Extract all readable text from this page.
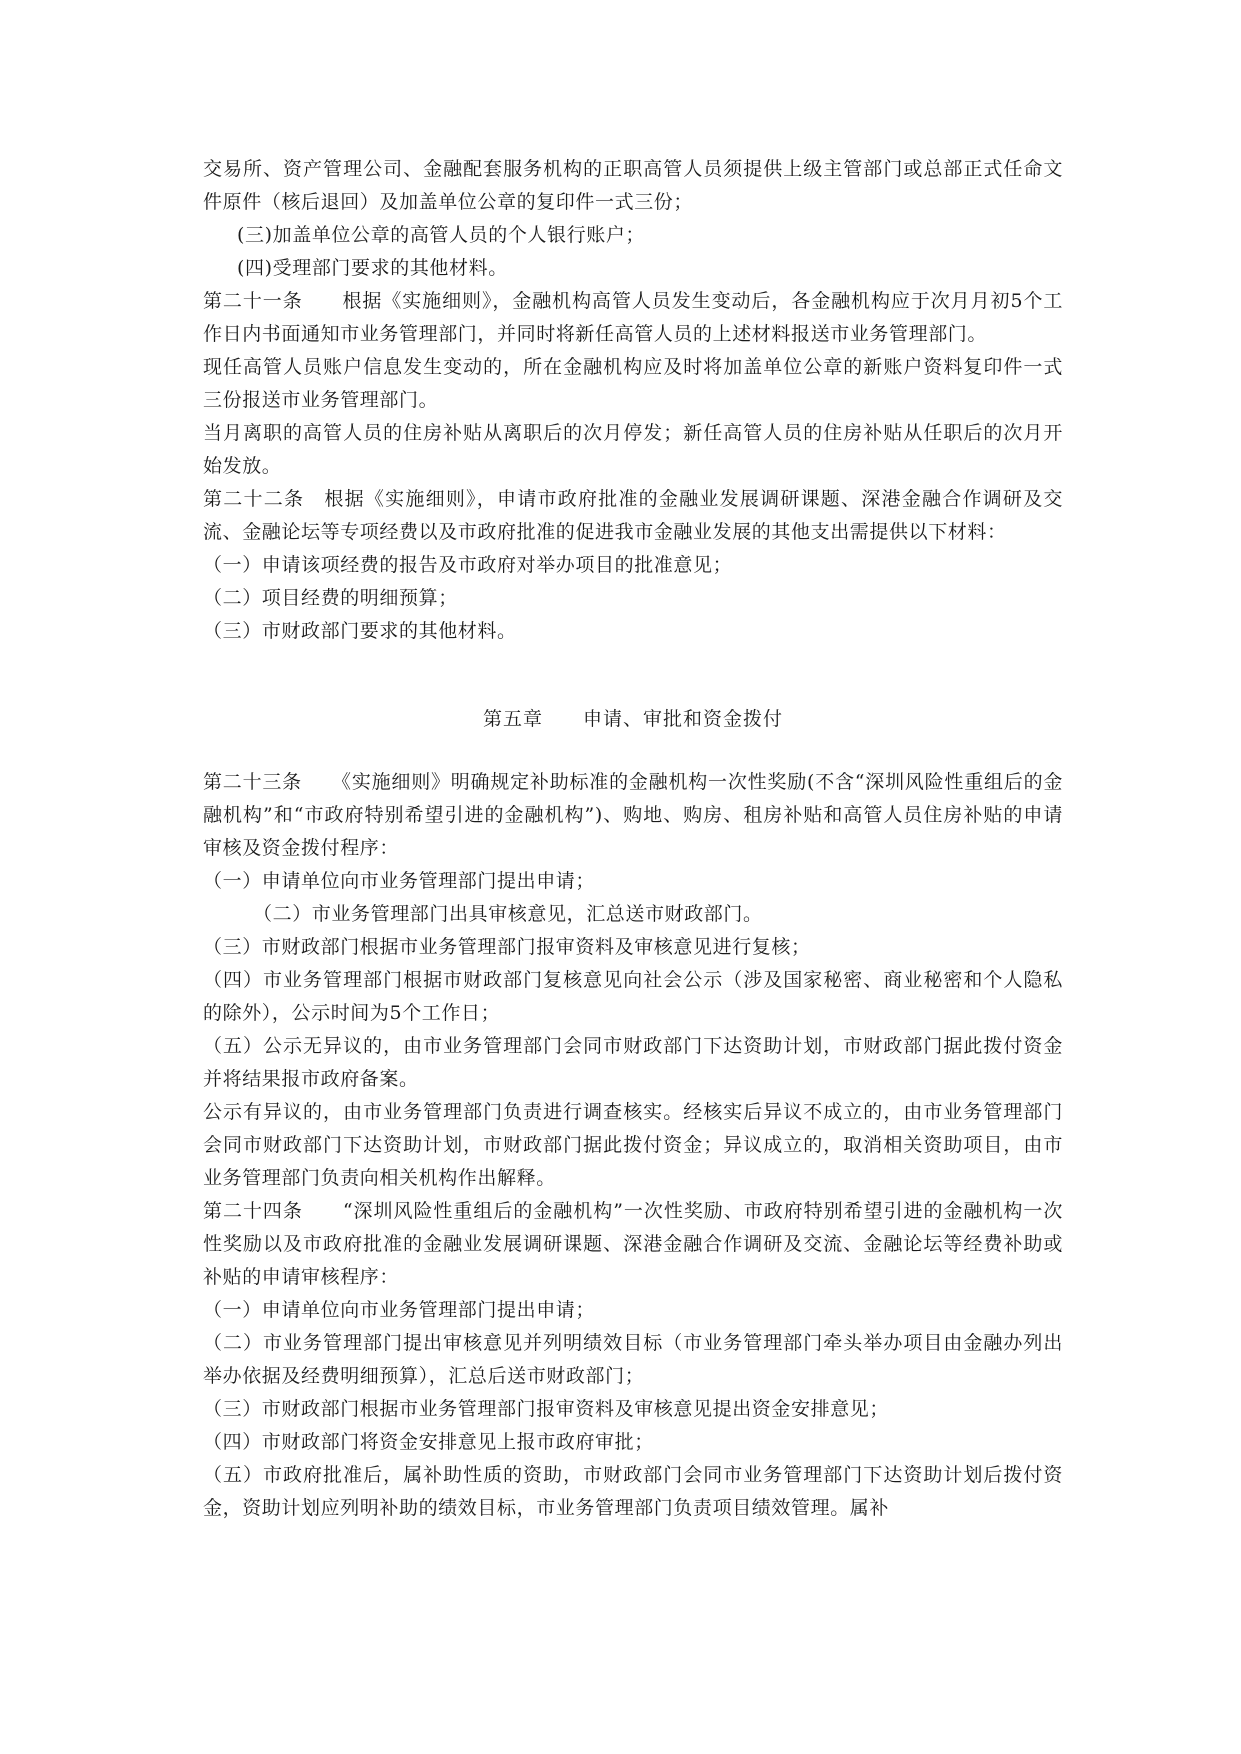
交易所、资产管理公司、金融配套服务机构的正职高管人员须提供上级主管部门或总部正式任命文件原件（核后退回）及加盖单位公章的复印件一式三份；

(三)加盖单位公章的高管人员的个人银行账户；

(四)受理部门要求的其他材料。

第二十一条　　根据《实施细则》，金融机构高管人员发生变动后，各金融机构应于次月月初5个工作日内书面通知市业务管理部门，并同时将新任高管人员的上述材料报送市业务管理部门。

现任高管人员账户信息发生变动的，所在金融机构应及时将加盖单位公章的新账户资料复印件一式三份报送市业务管理部门。

当月离职的高管人员的住房补贴从离职后的次月停发；新任高管人员的住房补贴从任职后的次月开始发放。

第二十二条　根据《实施细则》，申请市政府批准的金融业发展调研课题、深港金融合作调研及交流、金融论坛等专项经费以及市政府批准的促进我市金融业发展的其他支出需提供以下材料：

（一）申请该项经费的报告及市政府对举办项目的批准意见；

（二）项目经费的明细预算；

（三）市财政部门要求的其他材料。

第五章　　申请、审批和资金拨付

第二十三条　　《实施细则》明确规定补助标准的金融机构一次性奖励(不含“深圳风险性重组后的金融机构”和“市政府特别希望引进的金融机构”)、购地、购房、租房补贴和高管人员住房补贴的申请审核及资金拨付程序：

（一）申请单位向市业务管理部门提出申请；

（二）市业务管理部门出具审核意见，汇总送市财政部门。

（三）市财政部门根据市业务管理部门报审资料及审核意见进行复核；

（四）市业务管理部门根据市财政部门复核意见向社会公示（涉及国家秘密、商业秘密和个人隐私的除外），公示时间为5个工作日；

（五）公示无异议的，由市业务管理部门会同市财政部门下达资助计划，市财政部门据此拨付资金并将结果报市政府备案。

公示有异议的，由市业务管理部门负责进行调查核实。经核实后异议不成立的，由市业务管理部门会同市财政部门下达资助计划，市财政部门据此拨付资金；异议成立的，取消相关资助项目，由市业务管理部门负责向相关机构作出解释。

第二十四条　　“深圳风险性重组后的金融机构”一次性奖励、市政府特别希望引进的金融机构一次性奖励以及市政府批准的金融业发展调研课题、深港金融合作调研及交流、金融论坛等经费补助或补贴的申请审核程序：

（一）申请单位向市业务管理部门提出申请；

（二）市业务管理部门提出审核意见并列明绩效目标（市业务管理部门牵头举办项目由金融办列出举办依据及经费明细预算），汇总后送市财政部门；

（三）市财政部门根据市业务管理部门报审资料及审核意见提出资金安排意见；

（四）市财政部门将资金安排意见上报市政府审批；

（五）市政府批准后，属补助性质的资助，市财政部门会同市业务管理部门下达资助计划后拨付资金，资助计划应列明补助的绩效目标，市业务管理部门负责项目绩效管理。属补
